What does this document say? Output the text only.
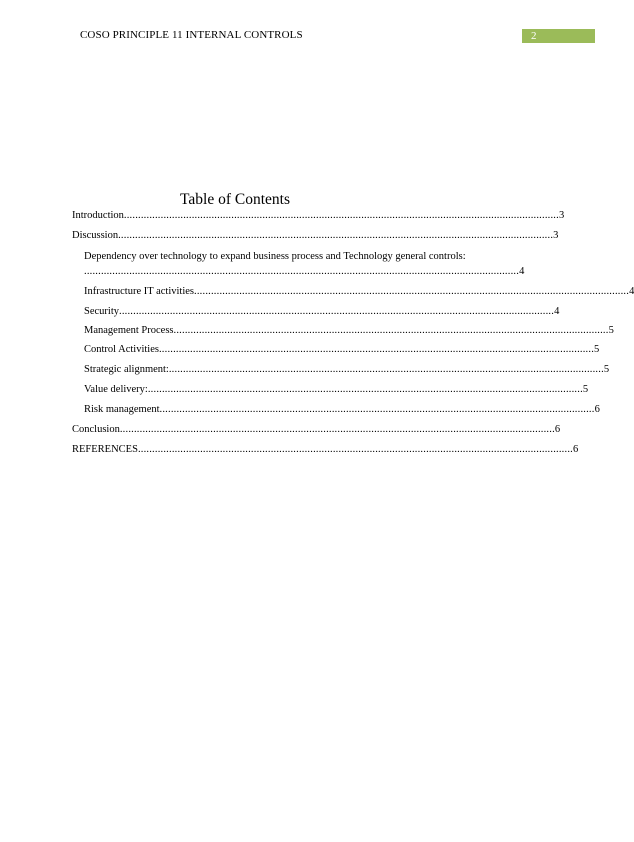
COSO PRINCIPLE 11 INTERNAL CONTROLS	2
Table of Contents
Introduction .......................................................................................................................................................... 3
Discussion .......................................................................................................................................................... 3
Dependency over technology to expand business process and Technology general controls:
.......................................................................................................................................................... 4
Infrastructure IT activities .......................................................................................................................................................... 4
Security .......................................................................................................................................................... 4
Management Process .......................................................................................................................................................... 5
Control Activities .......................................................................................................................................................... 5
Strategic alignment: .......................................................................................................................................................... 5
Value delivery: .......................................................................................................................................................... 5
Risk management .......................................................................................................................................................... 6
Conclusion .......................................................................................................................................................... 6
REFERENCES .......................................................................................................................................................... 6
